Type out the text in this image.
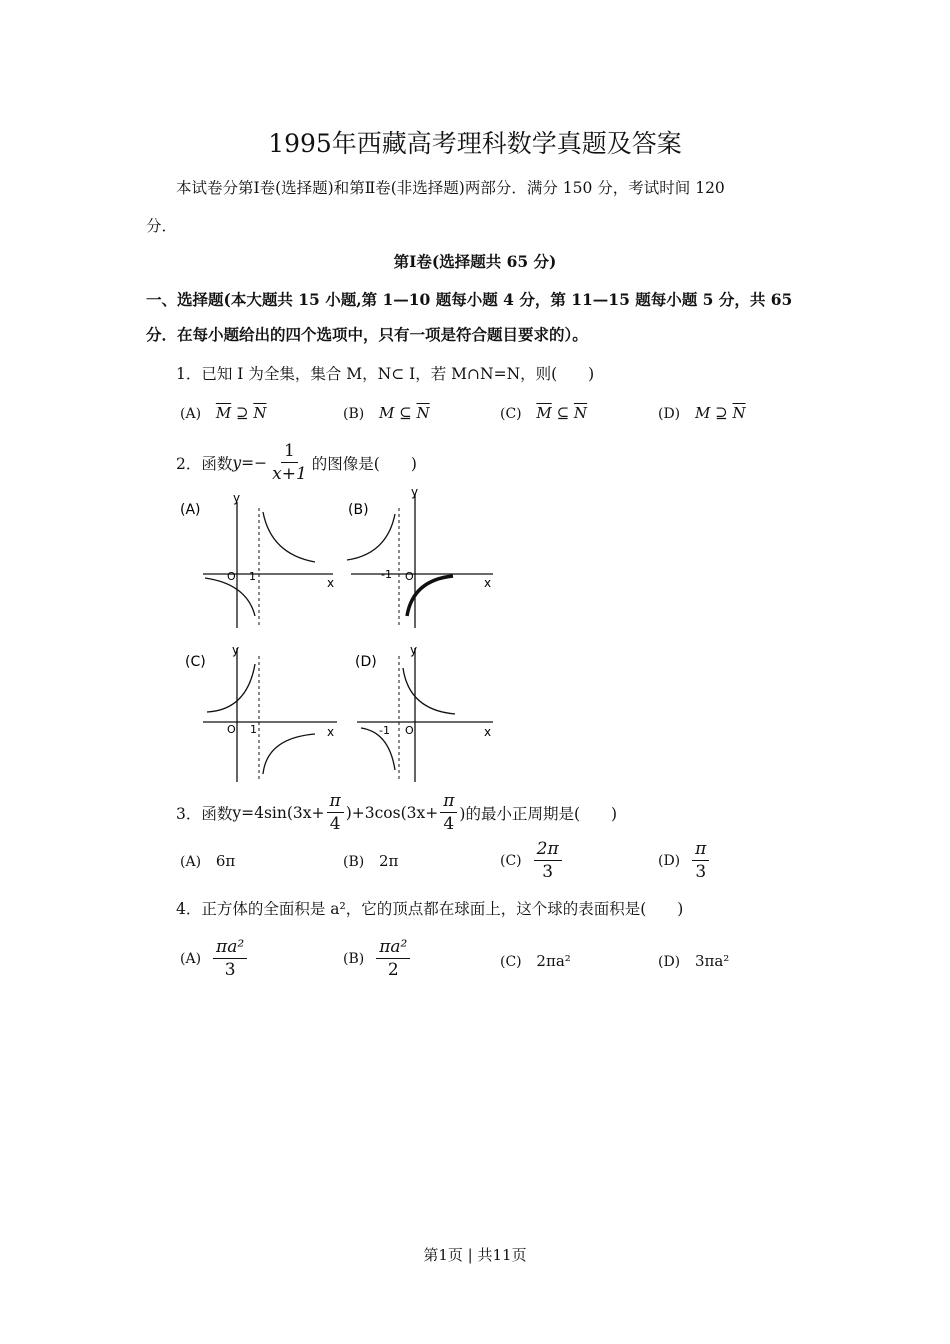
1995年西藏高考理科数学真题及答案
本试卷分第Ⅰ卷(选择题)和第Ⅱ卷(非选择题)两部分．满分 150 分，考试时间 120
分．
第Ⅰ卷(选择题共 65 分)
一、选择题(本大题共 15 小题,第 1—10 题每小题 4 分，第 11—15 题每小题 5 分，共 65
分．在每小题给出的四个选项中，只有一项是符合题目要求的）。
1．已知 I 为全集，集合 M，N⊂ I，若 M∩N=N，则(　　)
(A) $\overline{M}$ ⊇ $\overline{N}$	(B) M ⊆ $\overline{N}$	(C) $\overline{M}$ ⊆ $\overline{N}$	(D) M ⊇ $\overline{N}$
2．函数 $y=- \frac{1}{x+1}$ 的图像是(　　)
(A)
y
x
O 1
(B)
y
x
-1 O
(C)
y
x
O 1
(D)
y
x
-1 O
3．函数 $y=4\sin(3x+ \frac{\pi}{4} )+3\cos(3x+ \frac{\pi}{4}$ )的最小正周期是(　　)
(A) 6π	(B) 2π	$(C) \frac{2\pi}{3}$	$(D) \frac{\pi}{3}$
4．正方体的全面积是 a²，它的顶点都在球面上，这个球的表面积是(　　)
$(A) \frac{\text{πa²}}{3}$	$(B) \frac{\text{πa²}}{2}$	(C) 2πa²	(D) 3πa²
第1页 | 共11页
